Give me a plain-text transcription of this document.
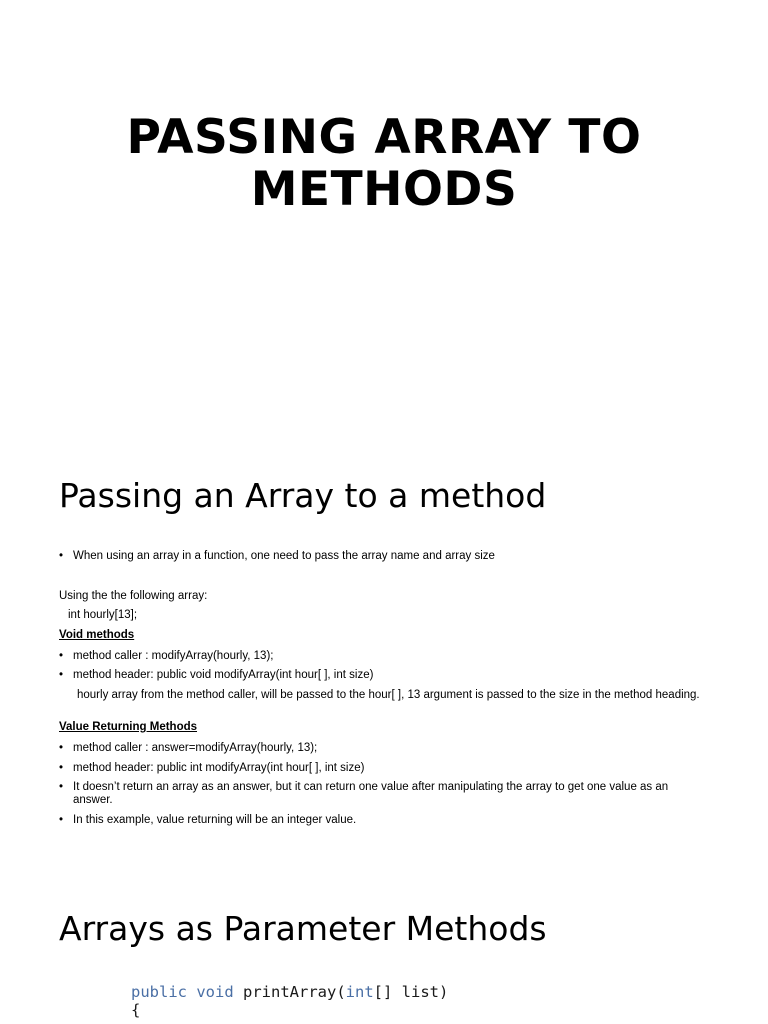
PASSING ARRAY TO
METHODS
Passing an Array to a method
• When using an array in a function, one need to pass the array name and array size
Using the the following array:
int hourly[13];
Void methods
• method caller : modifyArray(hourly, 13);
• method header: public void modifyArray(int hour[ ], int size)
hourly array from the method caller, will be passed to the hour[ ], 13 argument is passed to the size in the method heading.
Value Returning Methods
• method caller : answer=modifyArray(hourly, 13);
• method header: public int modifyArray(int hour[ ], int size)
• It doesn’t return an array as an answer, but it can return one value after manipulating the array to get one value as an answer.
• In this example, value returning will be an integer value.
Arrays as Parameter Methods
public void printArray(int[] list)
{
